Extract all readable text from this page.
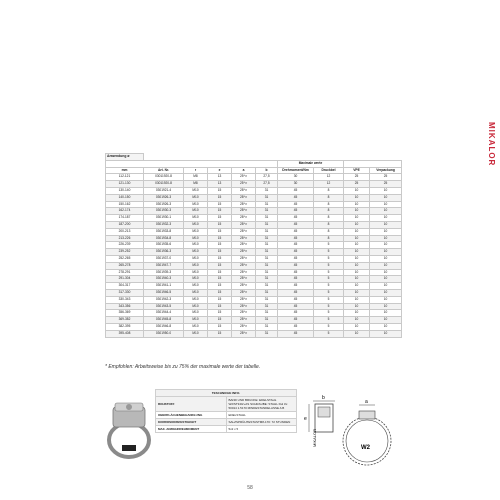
MIKALOR
Anwendung ø									
						Maximale werte			
mm	Art. Nr.	r	e	a	b	Drehmoment/Nm	Druckbel	VPE	Verpackung
112-121	03011920-8	M8	13	25*¹²	27,5	30	12	25	25
121-130	03011920-8	M8	13	25*¹²	27,5	30	12	25	25
130-140	0301921-4	M10	15	28*¹²	31	45	8	10	10
140-150	0301926-3	M10	15	28*¹²	31	45	8	10	10
150-162	0301926-3	M10	15	28*¹²	31	45	8	10	10
162-174	0301930-3	M10	15	28*¹²	31	45	8	10	10
174-187	0301930-1	M10	15	28*¹²	31	45	8	10	10
187-200	0301932-3	M10	15	28*¹²	31	45	8	10	10
200-213	0301933-8	M10	15	28*¹²	31	45	8	10	10
213-226	0301934-8	M10	15	28*¹²	31	45	8	10	10
226-239	0301935-6	M10	15	28*¹²	31	45	5	10	10
239-252	0301936-3	M10	15	28*¹²	31	45	5	10	10
252-265	0301937-0	M10	15	28*¹²	31	45	5	10	10
265-278	0301947-7	M10	15	28*¹²	31	45	5	10	10
278-291	0301939-3	M10	15	28*¹²	31	45	5	10	10
291-304	0301940-3	M10	15	28*¹²	31	45	5	10	10
304-317	0301941-1	M10	15	28*¹²	31	45	5	10	10
317-330	0301946-5	M10	15	28*¹²	31	45	5	10	10
330-343	0301942-3	M10	15	28*¹²	31	45	5	10	10
343-356	0301943-5	M10	15	28*¹²	31	45	5	10	10
356-369	0301944-4	M10	15	28*¹²	31	45	5	10	10
369-382	0301945-8	M10	15	28*¹²	31	45	5	10	10
382-395	0301946-8	M10	15	28*¹²	31	45	5	10	10
395-408	0301950-0	M10	15	28*¹²	31	45	5	10	10
* Empfohlen: Arbeitsweise bis zu 75% der maximale werte der tabelle.
TESCHNICHE INFO.	
ROHSTOFF	BAND UND BRUCKE: EDELSTAHL W2/ST340/+AS SCHRAUBE: STAHL Dul 3x: 50014 1.5170 MINDESTANDELASSE A B
OBERFLÄCHENBEHANDLUNG	EDELSTAHL
KORROSIONSFESTIGKEIT	SALZSPRÜHTESTASTM8-170: 72 STUNDEN
MAX. ANZIEHDREHMOMENT	5x2 x 5
b
e
MIKALOR
a
W2
58
